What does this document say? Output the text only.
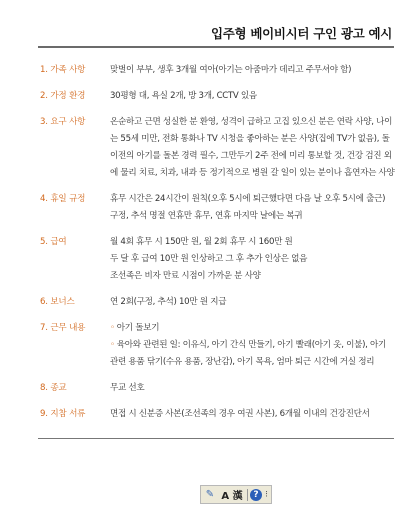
입주형 베이비시터 구인 광고 예시
1. 가족 사항	맞벌이 부부, 생후 3개월 여아(아기는 아줌마가 데리고 주무셔야 함)

2. 가정 환경	30평형 대, 욕실 2개, 방 3개, CCTV 있음

3. 요구 사항	온순하고 근면 성실한 분 환영, 성격이 급하고 고집 있으신 분은 연락 사양, 나이는 55세 미만, 전화 통화나 TV 시청을 좋아하는 분은 사양(집에 TV가 없음), 돌 이전의 아기를 돌본 경력 필수, 그만두기 2주 전에 미리 통보할 것, 건강 검진 외에 물리 치료, 치과, 내과 등 정기적으로 병원 갈 일이 있는 분이나 흡연자는 사양

4. 휴일 규정	휴무 시간은 24시간이 원칙(오후 5시에 퇴근했다면 다음 날 오후 5시에 출근)

구정, 추석 명절 연휴만 휴무, 연휴 마지막 날에는 복귀

5. 급여	월 4회 휴무 시 150만 원, 월 2회 휴무 시 160만 원

두 달 후 급여 10만 원 인상하고 그 후 추가 인상은 없음

조선족은 비자 만료 시점이 가까운 분 사양

6. 보너스	연 2회(구정, 추석) 10만 원 지급

7. 근무 내용	◦ 아기 돌보기

◦ 육아와 관련된 일: 이유식, 아기 간식 만들기, 아기 빨래(아기 옷, 이불), 아기 관련 용품 닦기(수유 용품, 장난감), 아기 목욕, 엄마 퇴근 시간에 거실 정리

8. 종교	무교 선호

9. 지참 서류	면접 시 신분증 사본(조선족의 경우 여권 사본), 6개월 이내의 건강진단서

✎ A 漢	? ⁝
